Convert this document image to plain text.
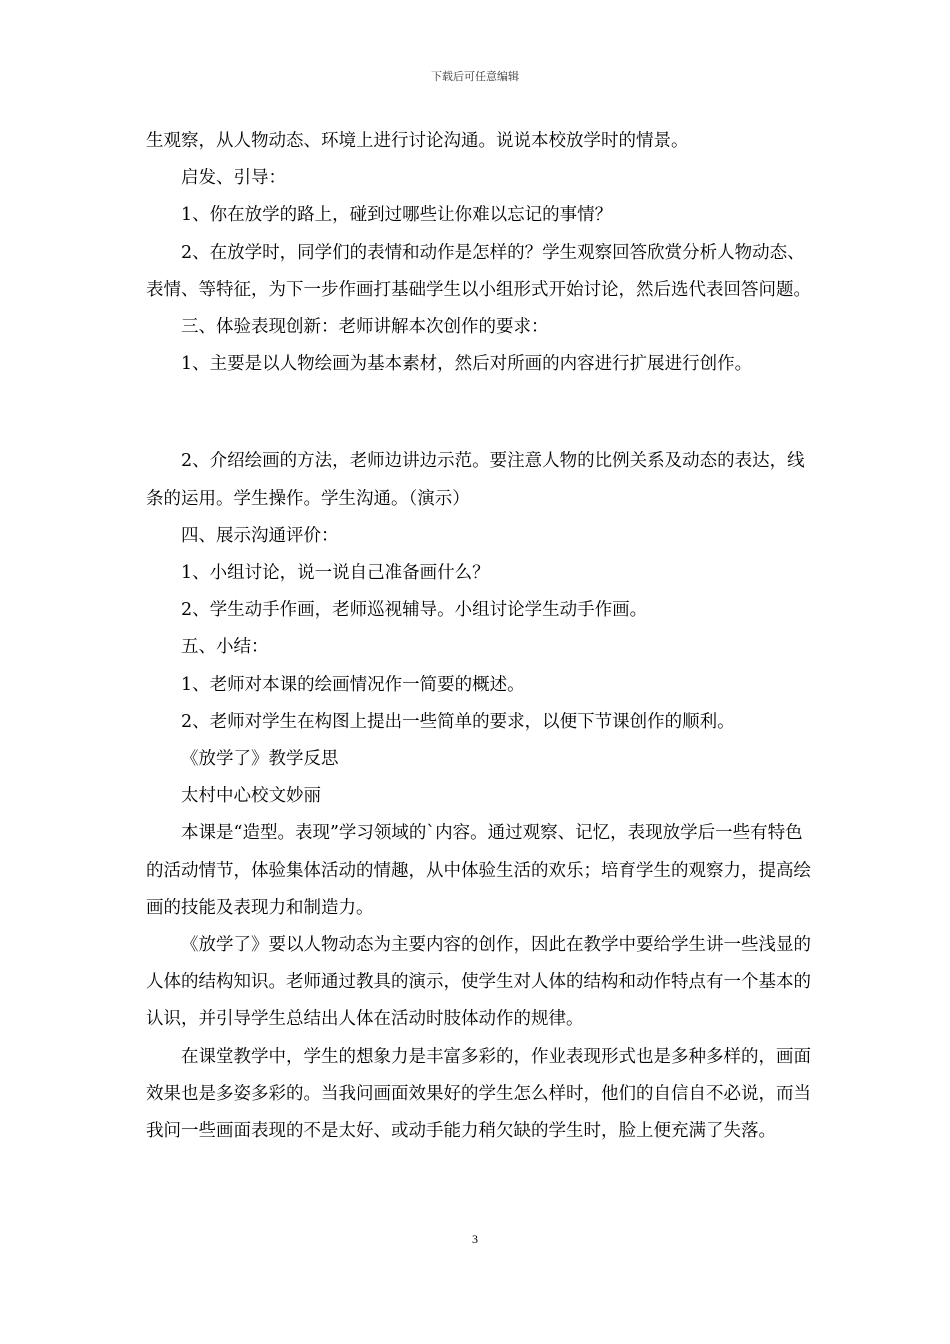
下载后可任意编辑

生观察，从人物动态、环境上进行讨论沟通。说说本校放学时的情景。

启发、引导：

1、你在放学的路上，碰到过哪些让你难以忘记的事情？

2、在放学时，同学们的表情和动作是怎样的？学生观察回答欣赏分析人物动态、表情、等特征，为下一步作画打基础学生以小组形式开始讨论，然后选代表回答问题。

三、体验表现创新：老师讲解本次创作的要求：

1、主要是以人物绘画为基本素材，然后对所画的内容进行扩展进行创作。

2、介绍绘画的方法，老师边讲边示范。要注意人物的比例关系及动态的表达，线条的运用。学生操作。学生沟通。（演示）

四、展示沟通评价：

1、小组讨论，说一说自己准备画什么？

2、学生动手作画，老师巡视辅导。小组讨论学生动手作画。

五、小结：

1、老师对本课的绘画情况作一简要的概述。

2、老师对学生在构图上提出一些简单的要求，以便下节课创作的顺利。

《放学了》教学反思

太村中心校文妙丽

本课是“造型。表现”学习领域的`内容。通过观察、记忆，表现放学后一些有特色的活动情节，体验集体活动的情趣，从中体验生活的欢乐；培育学生的观察力，提高绘画的技能及表现力和制造力。

《放学了》要以人物动态为主要内容的创作，因此在教学中要给学生讲一些浅显的人体的结构知识。老师通过教具的演示，使学生对人体的结构和动作特点有一个基本的认识，并引导学生总结出人体在活动时肢体动作的规律。

在课堂教学中，学生的想象力是丰富多彩的，作业表现形式也是多种多样的，画面效果也是多姿多彩的。当我问画面效果好的学生怎么样时，他们的自信自不必说，而当我问一些画面表现的不是太好、或动手能力稍欠缺的学生时，脸上便充满了失落。

3
